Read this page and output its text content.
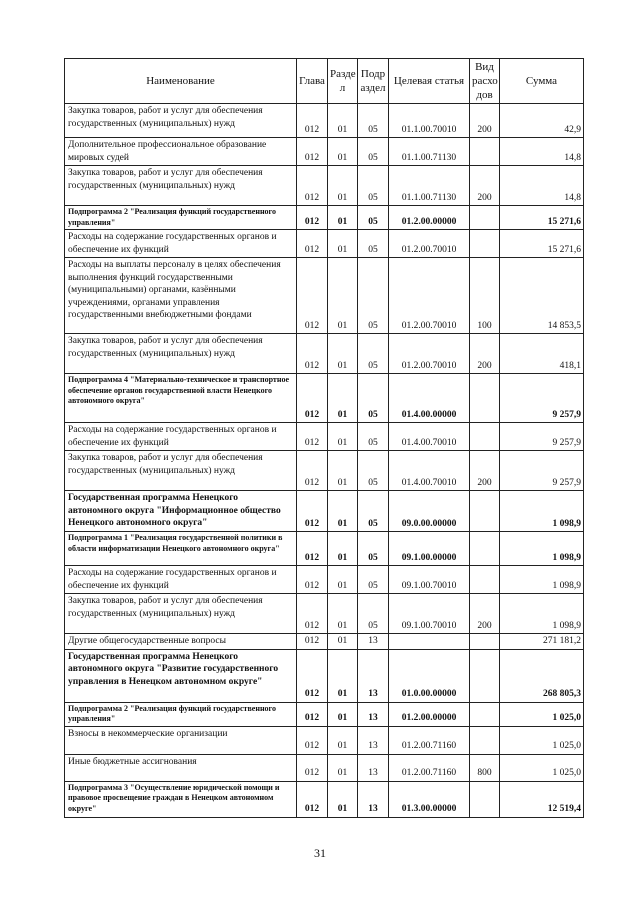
Наименование	Глава	Разде л	Подр аздел	Целевая статья	Вид расхо дов	Сумма
Закупка товаров, работ и услуг для обеспечения государственных (муниципальных) нужд	012	01	05	01.1.00.70010	200	42,9
Дополнительное профессиональное образование мировых судей	012	01	05	01.1.00.71130		14,8
Закупка товаров, работ и услуг для обеспечения государственных (муниципальных) нужд	012	01	05	01.1.00.71130	200	14,8
Подпрограмма 2 "Реализация функций государственного управления"	012	01	05	01.2.00.00000		15 271,6
Расходы на содержание государственных органов и обеспечение их функций	012	01	05	01.2.00.70010		15 271,6
Расходы на выплаты персоналу в целях обеспечения выполнения функций государственными (муниципальными) органами, казёнными учреждениями, органами управления государственными внебюджетными фондами	012	01	05	01.2.00.70010	100	14 853,5
Закупка товаров, работ и услуг для обеспечения государственных (муниципальных) нужд	012	01	05	01.2.00.70010	200	418,1
Подпрограмма 4 "Материально-техническое и транспортное обеспечение органов государственной власти Ненецкого автономного округа"	012	01	05	01.4.00.00000		9 257,9
Расходы на содержание государственных органов и обеспечение их функций	012	01	05	01.4.00.70010		9 257,9
Закупка товаров, работ и услуг для обеспечения государственных (муниципальных) нужд	012	01	05	01.4.00.70010	200	9 257,9
Государственная программа Ненецкого автономного округа "Информационное общество Ненецкого автономного округа"	012	01	05	09.0.00.00000		1 098,9
Подпрограмма 1 "Реализация государственной политики в области информатизации Ненецкого автономного округа"	012	01	05	09.1.00.00000		1 098,9
Расходы на содержание государственных органов и обеспечение их функций	012	01	05	09.1.00.70010		1 098,9
Закупка товаров, работ и услуг для обеспечения государственных (муниципальных) нужд	012	01	05	09.1.00.70010	200	1 098,9
Другие общегосударственные вопросы	012	01	13			271 181,2
Государственная программа Ненецкого автономного округа "Развитие государственного управления в Ненецком автономном округе"	012	01	13	01.0.00.00000		268 805,3
Подпрограмма 2 "Реализация функций государственного управления"	012	01	13	01.2.00.00000		1 025,0
Взносы в некоммерческие организации	012	01	13	01.2.00.71160		1 025,0
Иные бюджетные ассигнования	012	01	13	01.2.00.71160	800	1 025,0
Подпрограмма 3 "Осуществление юридической помощи и правовое просвещение граждан в Ненецком автономном округе"	012	01	13	01.3.00.00000		12 519,4
31
